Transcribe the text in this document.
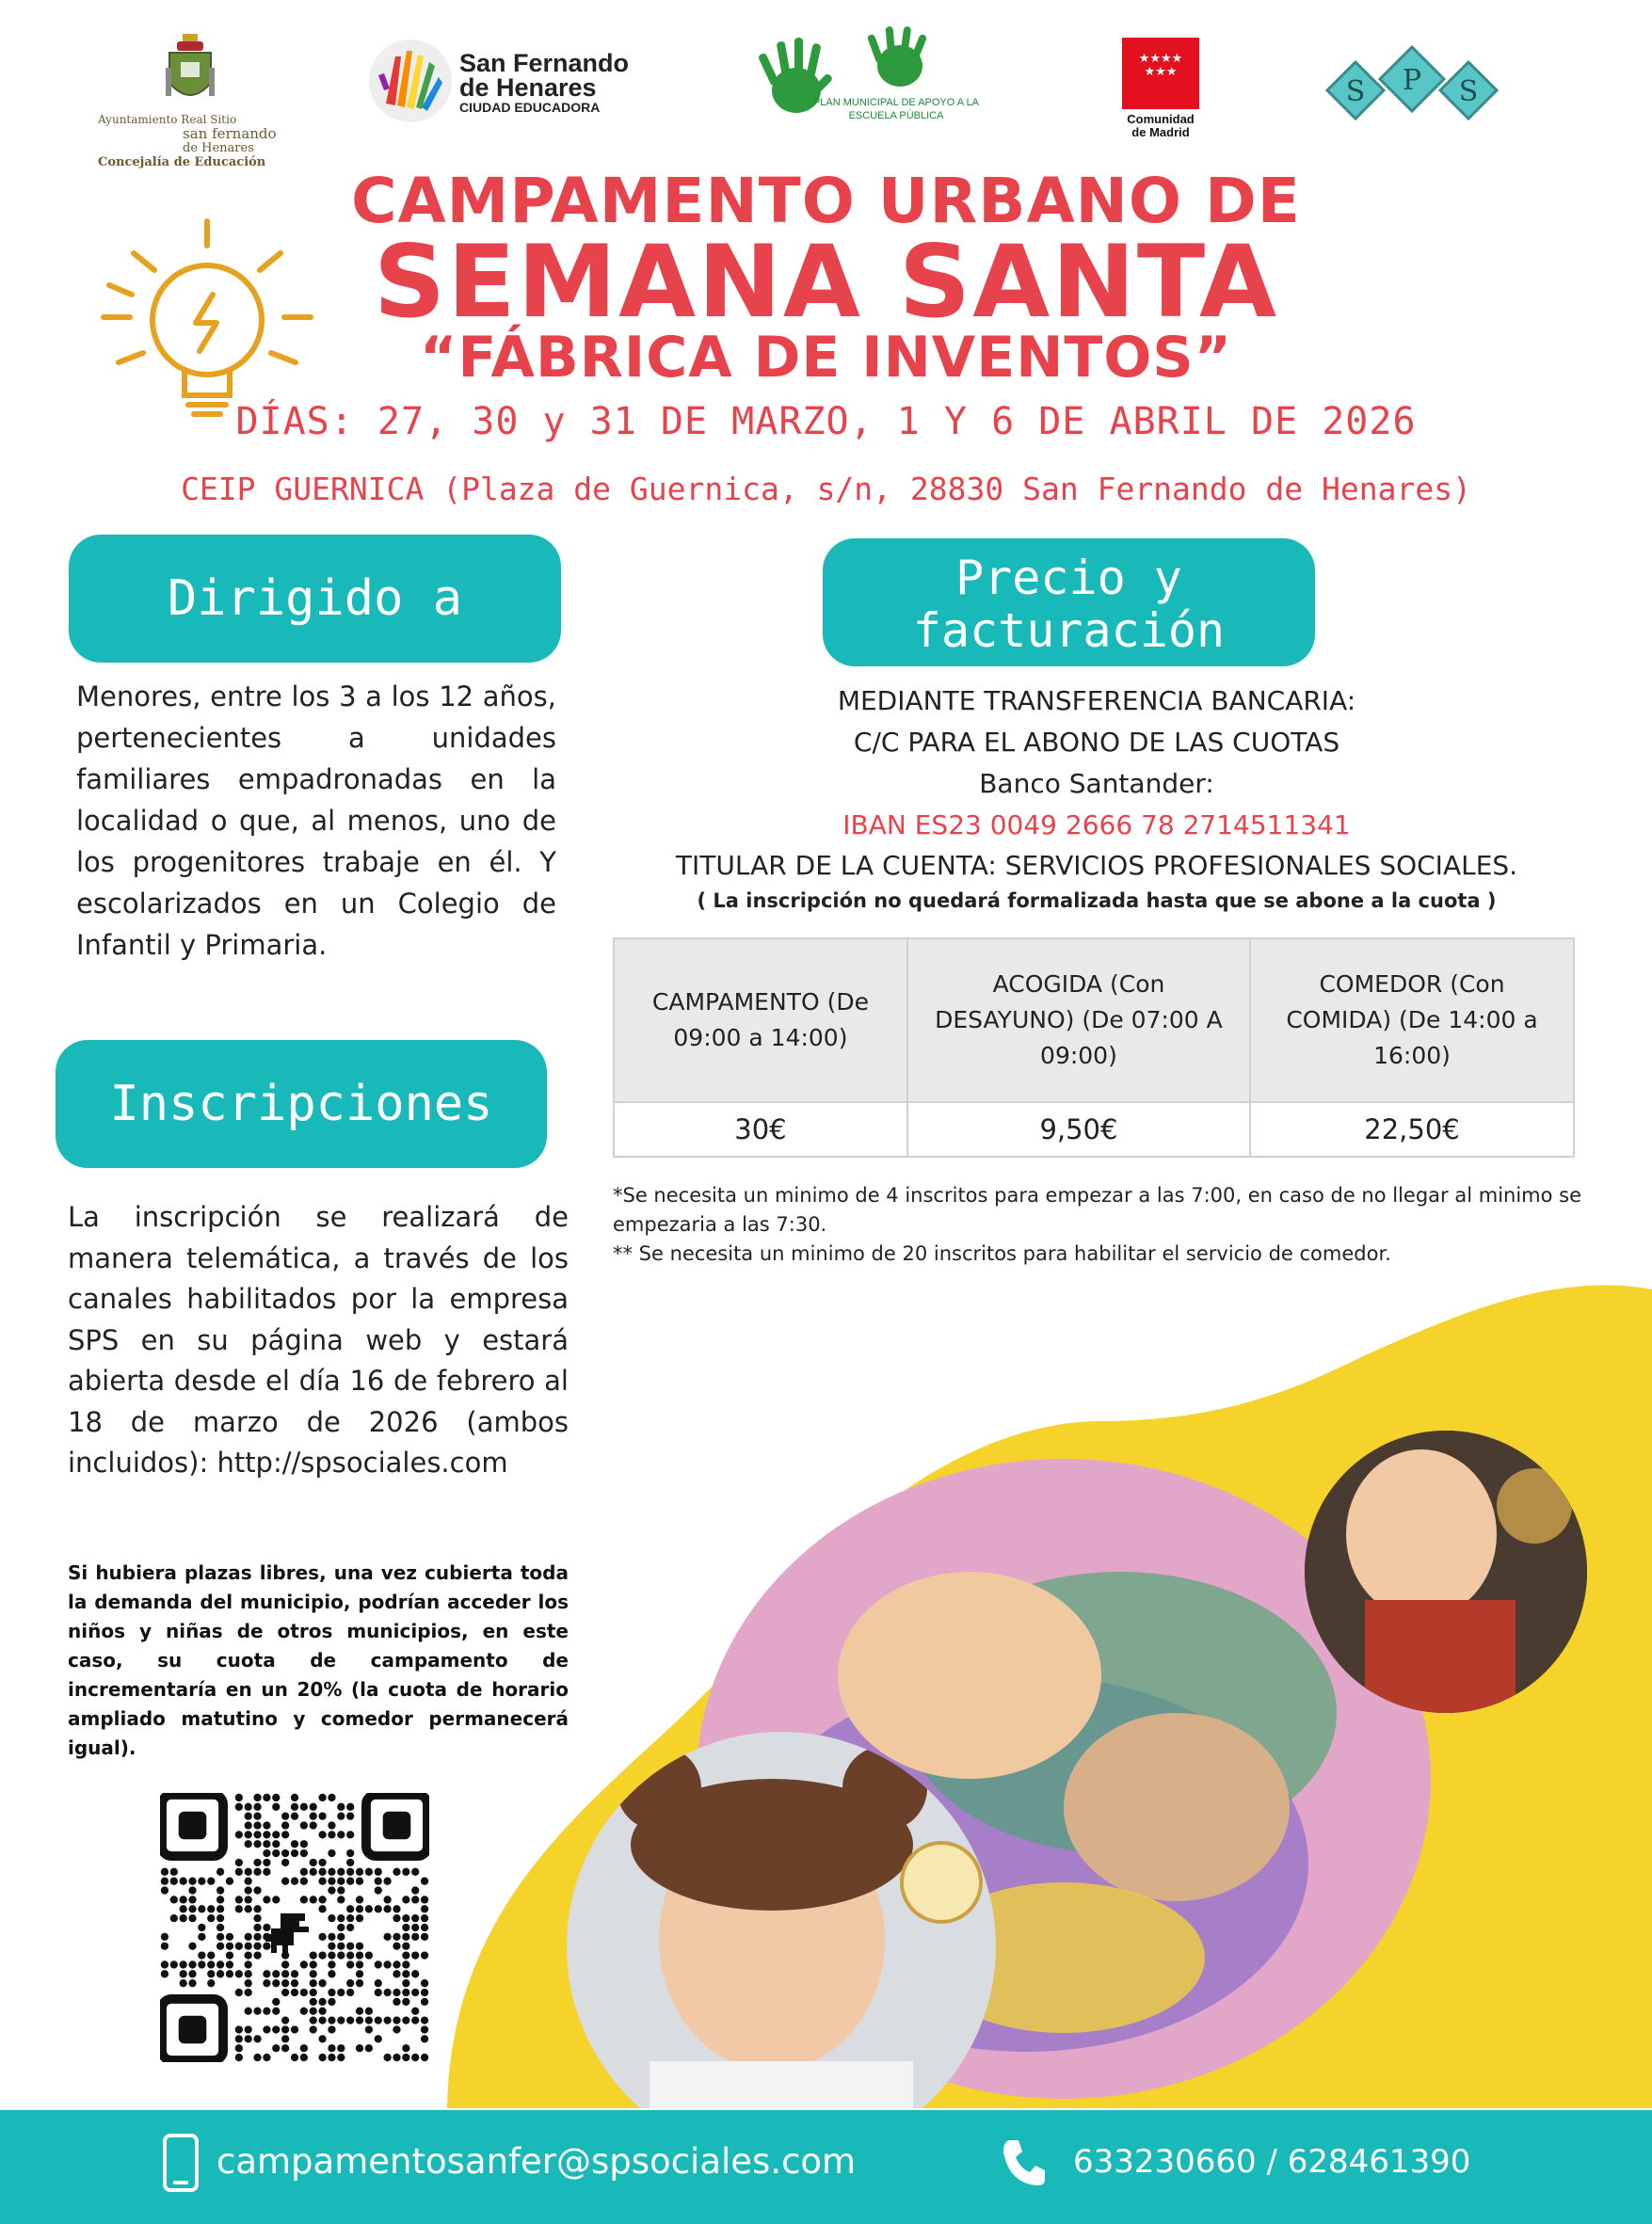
Ayuntamiento Real Sitio
san fernando
de Henares
Concejalía de Educación
San Fernando de Henares
CIUDAD EDUCADORA	PLAN MUNICIPAL DE APOYO A LA ESCUELA PÚBLICA
★★★★
★★★
Comunidad de Madrid
S P S
CAMPAMENTO URBANO DE
SEMANA SANTA
“FÁBRICA DE INVENTOS”
DÍAS: 27, 30 y 31 DE MARZO, 1 Y 6 DE ABRIL DE 2026
CEIP GUERNICA (Plaza de Guernica, s/n, 28830 San Fernando de Henares)
Dirigido a
Menores, entre los 3 a los 12 años, pertenecientes a unidades familiares empadronadas en la localidad o que, al menos, uno de los progenitores trabaje en él. Y escolarizados en un Colegio de Infantil y Primaria.
Precio y facturación
MEDIANTE TRANSFERENCIA BANCARIA:
C/C PARA EL ABONO DE LAS CUOTAS
Banco Santander:
IBAN ES23 0049 2666 78 2714511341
TITULAR DE LA CUENTA: SERVICIOS PROFESIONALES SOCIALES.
( La inscripción no quedará formalizada hasta que se abone a la cuota )
CAMPAMENTO (De 09:00 a 14:00)	ACOGIDA (Con DESAYUNO) (De 07:00 A 09:00)	COMEDOR (Con COMIDA) (De 14:00 a 16:00)
30€	9,50€	22,50€
*Se necesita un minimo de 4 inscritos para empezar a las 7:00, en caso de no llegar al minimo se empezaria a las 7:30.
** Se necesita un minimo de 20 inscritos para habilitar el servicio de comedor.
Inscripciones
La inscripción se realizará de manera telemática, a través de los canales habilitados por la empresa SPS en su página web y estará abierta desde el día 16 de febrero al 18 de marzo de 2026 (ambos incluidos): http://spsociales.com
Si hubiera plazas libres, una vez cubierta toda la demanda del municipio, podrían acceder los niños y niñas de otros municipios, en este caso, su cuota de campamento de incrementaría en un 20% (la cuota de horario ampliado matutino y comedor permanecerá igual).
campamentosanfer@spsociales.com	633230660 / 628461390
